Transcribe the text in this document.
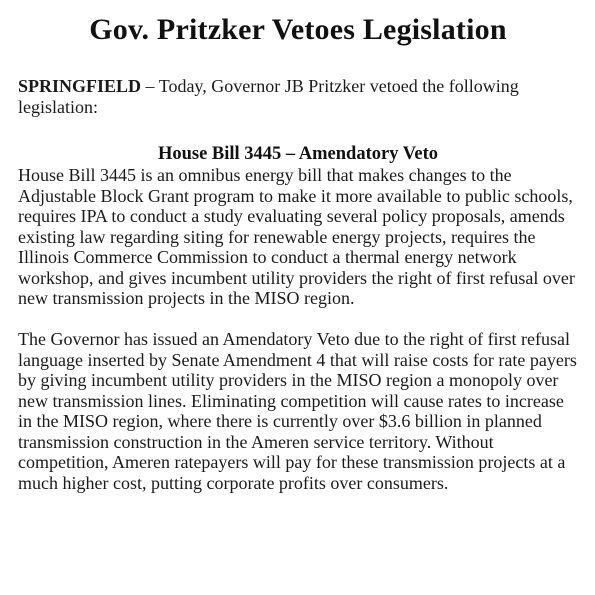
Gov. Pritzker Vetoes Legislation

SPRINGFIELD – Today, Governor JB Pritzker vetoed the following legislation:

House Bill 3445 – Amendatory Veto

House Bill 3445 is an omnibus energy bill that makes changes to the Adjustable Block Grant program to make it more available to public schools, requires IPA to conduct a study evaluating several policy proposals, amends existing law regarding siting for renewable energy projects, requires the Illinois Commerce Commission to conduct a thermal energy network workshop, and gives incumbent utility providers the right of first refusal over new transmission projects in the MISO region.

The Governor has issued an Amendatory Veto due to the right of first refusal language inserted by Senate Amendment 4 that will raise costs for rate payers by giving incumbent utility providers in the MISO region a monopoly over new transmission lines. Eliminating competition will cause rates to increase in the MISO region, where there is currently over $3.6 billion in planned transmission construction in the Ameren service territory. Without competition, Ameren ratepayers will pay for these transmission projects at a much higher cost, putting corporate profits over consumers.
